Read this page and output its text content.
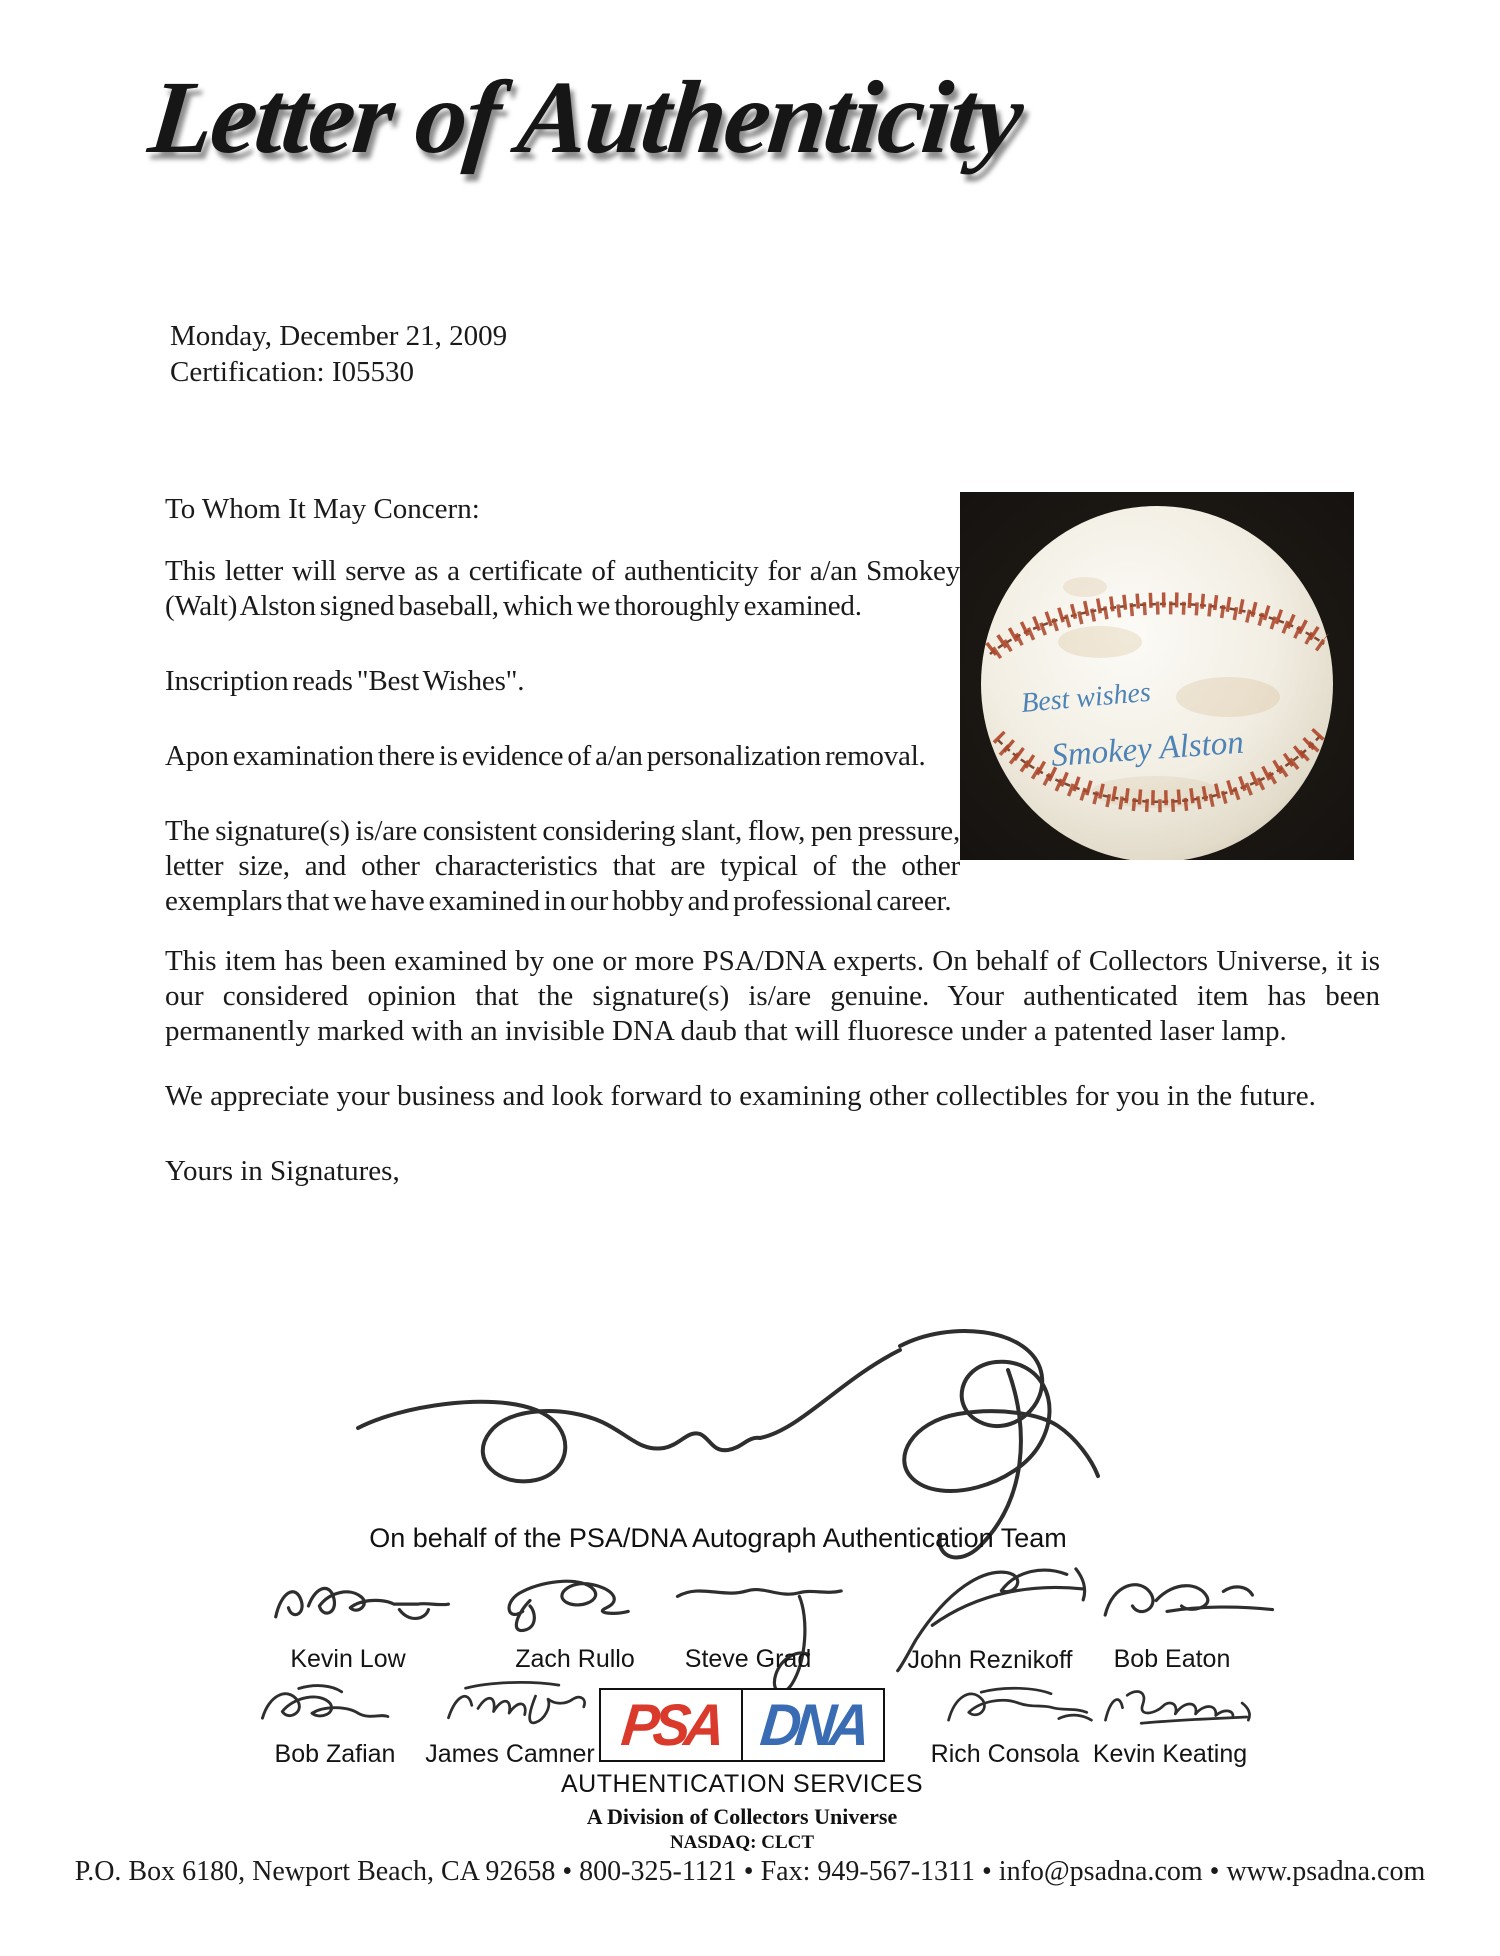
Letter of Authenticity
Monday, December 21, 2009
Certification: I05530
Best wishes
Smokey Alston

To Whom It May Concern:

This letter will serve as a certificate of authenticity for a/an Smokey (Walt) Alston signed baseball, which we thoroughly examined.

Inscription reads "Best Wishes".

Apon examination there is evidence of a/an personalization removal.

The signature(s) is/are consistent considering slant, flow, pen pressure, letter size, and other characteristics that are typical of the other exemplars that we have examined in our hobby and professional career.

This item has been examined by one or more PSA/DNA experts. On behalf of Collectors Universe, it is our considered opinion that the signature(s) is/are genuine. Your authenticated item has been permanently marked with an invisible DNA daub that will fluoresce under a patented laser lamp.

We appreciate your business and look forward to examining other collectibles for you in the future.

Yours in Signatures,

On behalf of the PSA/DNA Autograph Authentication Team
Kevin Low	Zach Rullo	Steve Grad	John Reznikoff	Bob Eaton
Bob Zafian	James Camner	Rich Consola Kevin Keating
PSA DNA
AUTHENTICATION SERVICES
A Division of Collectors Universe
NASDAQ: CLCT
P.O. Box 6180, Newport Beach, CA 92658 • 800-325-1121 • Fax: 949-567-1311 • info@psadna.com • www.psadna.com
